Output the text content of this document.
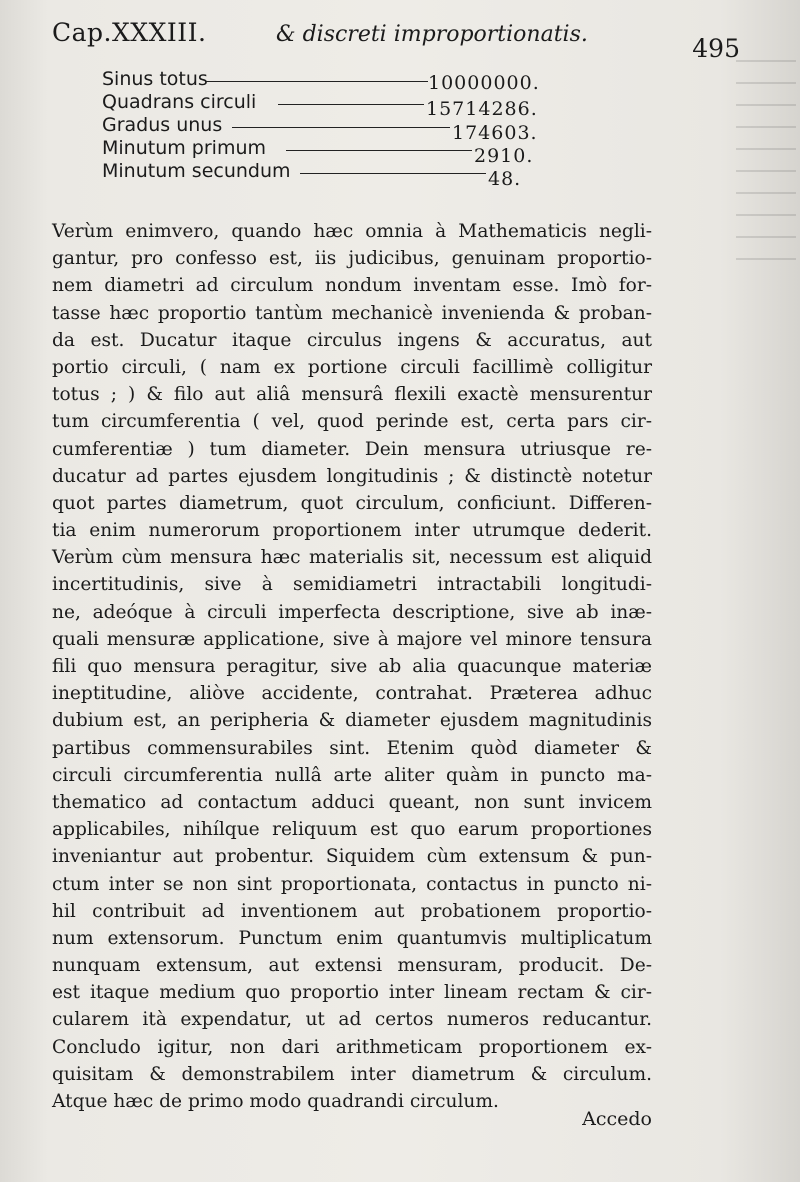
Cap.XXXIII.	& discreti improportionatis.	495
Sinus totus	10000000.
Quadrans circuli	15714286.
Gradus unus	174603.
Minutum primum	2910.
Minutum secundum	48.
Verùm enimvero, quando hæc omnia à Mathematicis negli-
gantur, pro confesso est, iis judicibus, genuinam proportio-
nem diametri ad circulum nondum inventam esse. Imò for-
tasse hæc proportio tantùm mechanicè invenienda & proban-
da est. Ducatur itaque circulus ingens & accuratus, aut
portio circuli, ( nam ex portione circuli facillimè colligitur
totus ; ) & filo aut aliâ mensurâ flexili exactè mensurentur
tum circumferentia ( vel, quod perinde est, certa pars cir-
cumferentiæ ) tum diameter. Dein mensura utriusque re-
ducatur ad partes ejusdem longitudinis ; & distinctè notetur
quot partes diametrum, quot circulum, conficiunt. Differen-
tia enim numerorum proportionem inter utrumque dederit.
Verùm cùm mensura hæc materialis sit, necessum est aliquid
incertitudinis, sive à semidiametri intractabili longitudi-
ne, adeóque à circuli imperfecta descriptione, sive ab inæ-
quali mensuræ applicatione, sive à majore vel minore tensura
fili quo mensura peragitur, sive ab alia quacunque materiæ
ineptitudine, aliòve accidente, contrahat. Præterea adhuc
dubium est, an peripheria & diameter ejusdem magnitudinis
partibus commensurabiles sint. Etenim quòd diameter &
circuli circumferentia nullâ arte aliter quàm in puncto ma-
thematico ad contactum adduci queant, non sunt invicem
applicabiles, nihílque reliquum est quo earum proportiones
inveniantur aut probentur. Siquidem cùm extensum & pun-
ctum inter se non sint proportionata, contactus in puncto ni-
hil contribuit ad inventionem aut probationem proportio-
num extensorum. Punctum enim quantumvis multiplicatum
nunquam extensum, aut extensi mensuram, producit. De-
est itaque medium quo proportio inter lineam rectam & cir-
cularem ità expendatur, ut ad certos numeros reducantur.
Concludo igitur, non dari arithmeticam proportionem ex-
quisitam & demonstrabilem inter diametrum & circulum.
Atque hæc de primo modo quadrandi circulum.
Accedo
